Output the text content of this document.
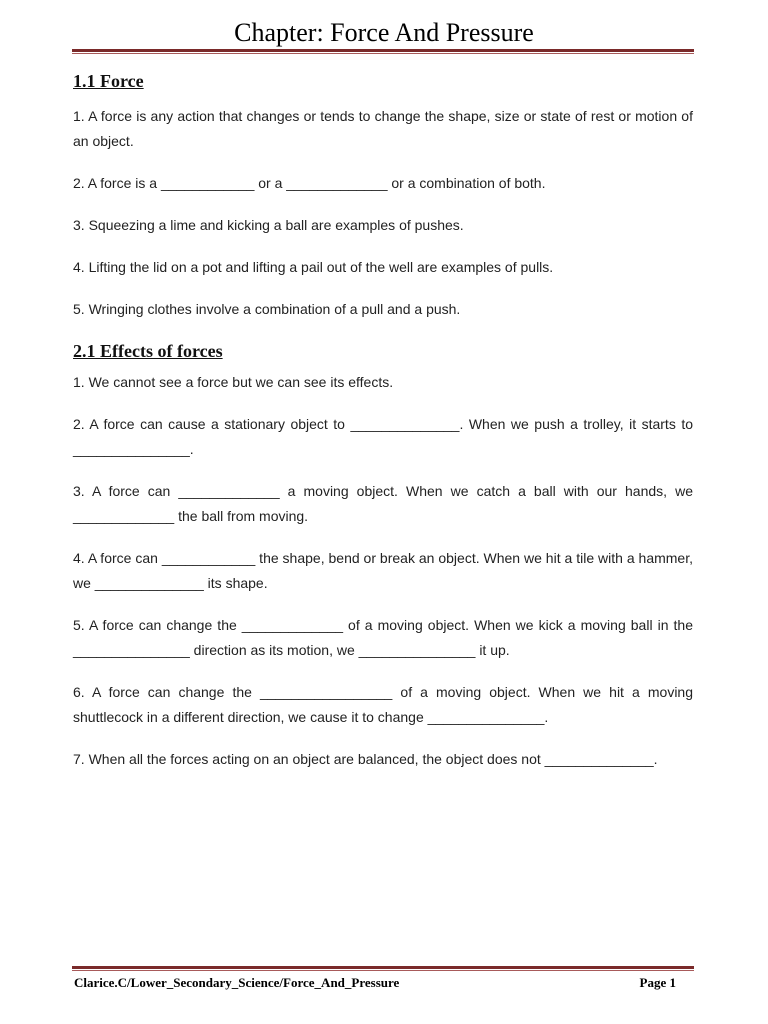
Chapter: Force And Pressure
1.1 Force

1. A force is any action that changes or tends to change the shape, size or state of rest or motion of an object.

2. A force is a ____________ or a _____________ or a combination of both.

3. Squeezing a lime and kicking a ball are examples of pushes.

4. Lifting the lid on a pot and lifting a pail out of the well are examples of pulls.

5. Wringing clothes involve a combination of a pull and a push.

2.1 Effects of forces

1. We cannot see a force but we can see its effects.

2. A force can cause a stationary object to ______________. When we push a trolley, it starts to _______________.

3. A force can _____________ a moving object. When we catch a ball with our hands, we _____________ the ball from moving.

4. A force can ____________ the shape, bend or break an object. When we hit a tile with a hammer, we ______________ its shape.

5. A force can change the _____________ of a moving object. When we kick a moving ball in the _______________ direction as its motion, we _______________ it up.

6. A force can change the _________________ of a moving object. When we hit a moving shuttlecock in a different direction, we cause it to change _______________.

7. When all the forces acting on an object are balanced, the object does not ______________.

Clarice.C/Lower_Secondary_Science/Force_And_Pressure	Page 1
